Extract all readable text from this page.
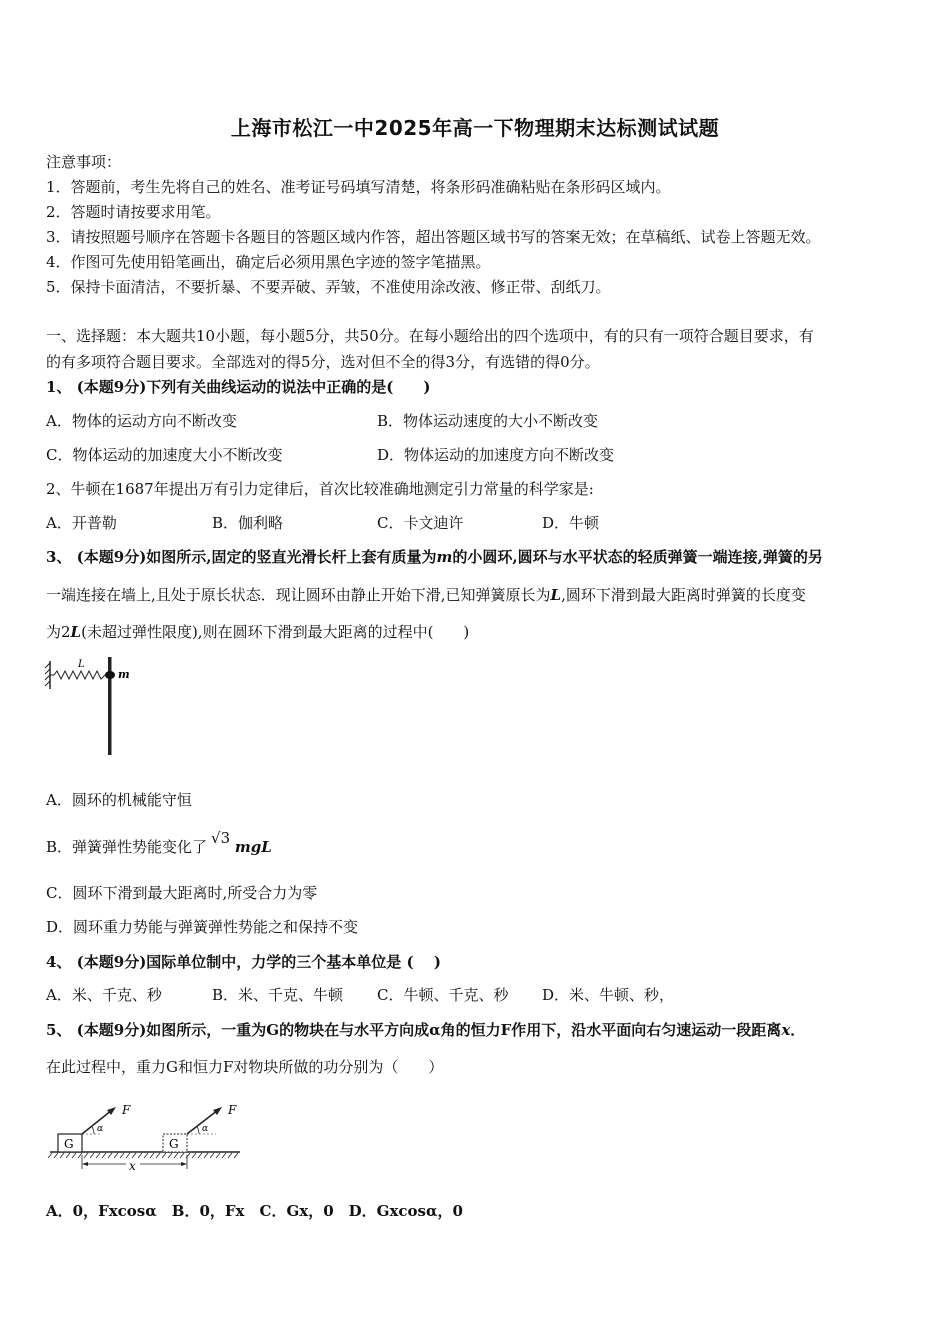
上海市松江一中2025年高一下物理期末达标测试试题
注意事项：
1．答题前，考生先将自己的姓名、准考证号码填写清楚，将条形码准确粘贴在条形码区域内。
2．答题时请按要求用笔。
3．请按照题号顺序在答题卡各题目的答题区域内作答，超出答题区域书写的答案无效；在草稿纸、试卷上答题无效。
4．作图可先使用铅笔画出，确定后必须用黑色字迹的签字笔描黑。
5．保持卡面清洁，不要折暴、不要弄破、弄皱，不准使用涂改液、修正带、刮纸刀。
一、选择题：本大题共10小题，每小题5分，共50分。在每小题给出的四个选项中，有的只有一项符合题目要求，有
的有多项符合题目要求。全部选对的得5分，选对但不全的得3分，有选错的得0分。
1、 (本题9分)下列有关曲线运动的说法中正确的是(　　)
A．物体的运动方向不断改变	B．物体运动速度的大小不断改变
C．物体运动的加速度大小不断改变	D．物体运动的加速度方向不断改变
2、牛顿在1687年提出万有引力定律后，首次比较准确地测定引力常量的科学家是:
A．开普勒	B．伽利略	C．卡文迪许	D．牛顿
3、 (本题9分)如图所示,固定的竖直光滑长杆上套有质量为m的小圆环,圆环与水平状态的轻质弹簧一端连接,弹簧的另
一端连接在墙上,且处于原长状态．现让圆环由静止开始下滑,已知弹簧原长为L,圆环下滑到最大距离时弹簧的长度变
为2L(未超过弹性限度),则在圆环下滑到最大距离的过程中(　　)
L
m
A．圆环的机械能守恒
B．弹簧弹性势能变化了 √3 mgL
C．圆环下滑到最大距离时,所受合力为零
D．圆环重力势能与弹簧弹性势能之和保持不变
4、 (本题9分)国际单位制中，力学的三个基本单位是 (　 )
A．米、千克、秒	B．米、千克、牛顿 C．牛顿、千克、秒 D．米、牛顿、秒，
5、 (本题9分)如图所示，一重为G的物块在与水平方向成α角的恒力F作用下，沿水平面向右匀速运动一段距离x．
在此过程中，重力G和恒力F对物块所做的功分别为（　　）
G
α
F
G
α
F
x
A．0，Fxcosα　B．0，Fx　C．Gx，0　D．Gxcosα，0
